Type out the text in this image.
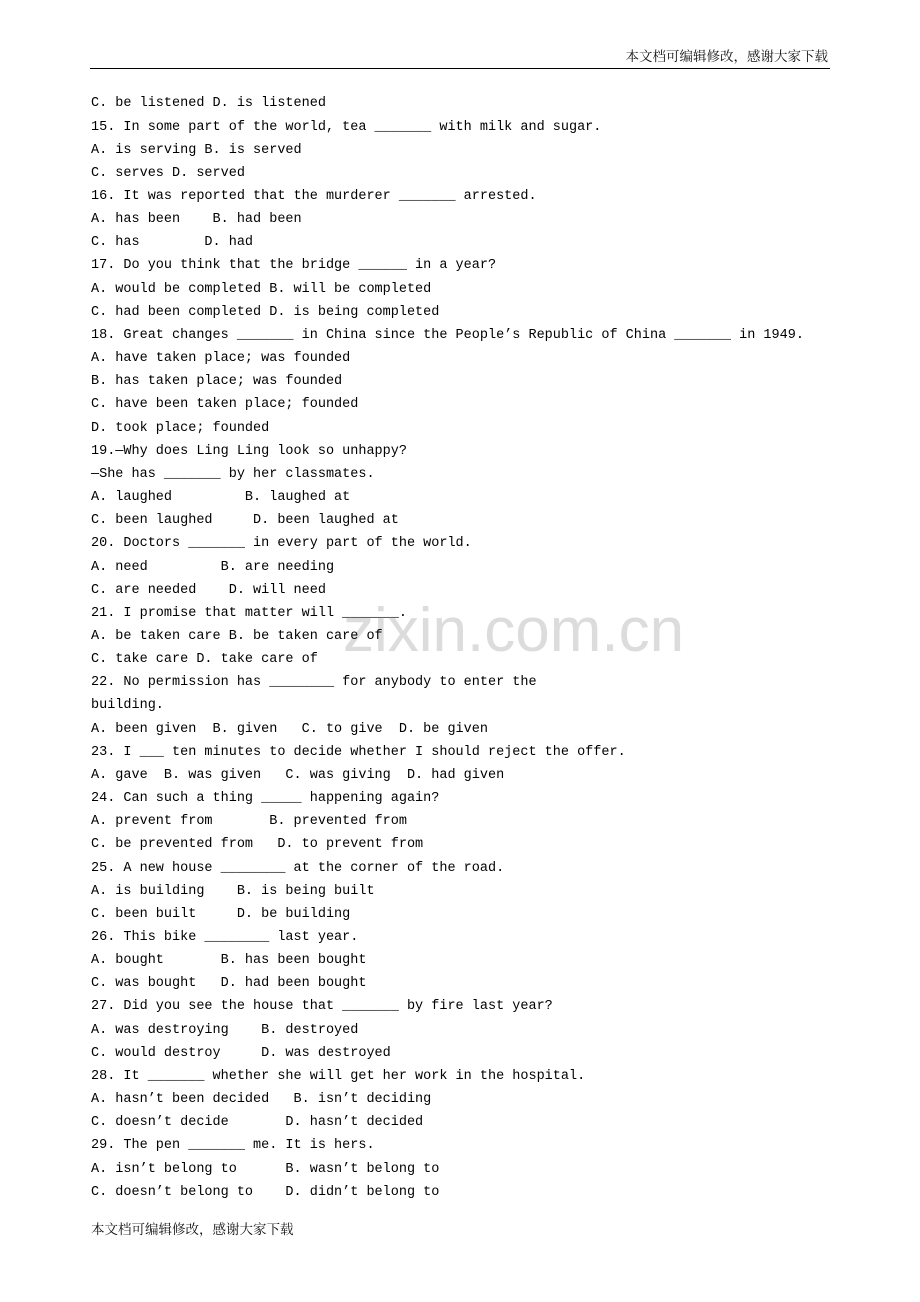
本文档可编辑修改，感谢大家下载
zixin.com.cn
C. be listened D. is listened
15. In some part of the world, tea _______ with milk and sugar.
A. is serving B. is served
C. serves D. served
16. It was reported that the murderer _______ arrested.
A. has been    B. had been
C. has        D. had
17. Do you think that the bridge ______ in a year?
A. would be completed B. will be completed
C. had been completed D. is being completed
18. Great changes _______ in China since the People’s Republic of China _______ in 1949.
A. have taken place; was founded
B. has taken place; was founded
C. have been taken place; founded
D. took place; founded
19.—Why does Ling Ling look so unhappy?
—She has _______ by her classmates.
A. laughed         B. laughed at
C. been laughed     D. been laughed at
20. Doctors _______ in every part of the world.
A. need         B. are needing
C. are needed    D. will need
21. I promise that matter will _______.
A. be taken care B. be taken care of
C. take care D. take care of
22. No permission has ________ for anybody to enter the
building.
A. been given  B. given   C. to give  D. be given
23. I ___ ten minutes to decide whether I should reject the offer.
A. gave  B. was given   C. was giving  D. had given
24. Can such a thing _____ happening again?
A. prevent from       B. prevented from
C. be prevented from   D. to prevent from
25. A new house ________ at the corner of the road.
A. is building    B. is being built
C. been built     D. be building
26. This bike ________ last year.
A. bought       B. has been bought
C. was bought   D. had been bought
27. Did you see the house that _______ by fire last year?
A. was destroying    B. destroyed
C. would destroy     D. was destroyed
28. It _______ whether she will get her work in the hospital.
A. hasn’t been decided   B. isn’t deciding
C. doesn’t decide       D. hasn’t decided
29. The pen _______ me. It is hers.
A. isn’t belong to      B. wasn’t belong to
C. doesn’t belong to    D. didn’t belong to
本文档可编辑修改，感谢大家下载
